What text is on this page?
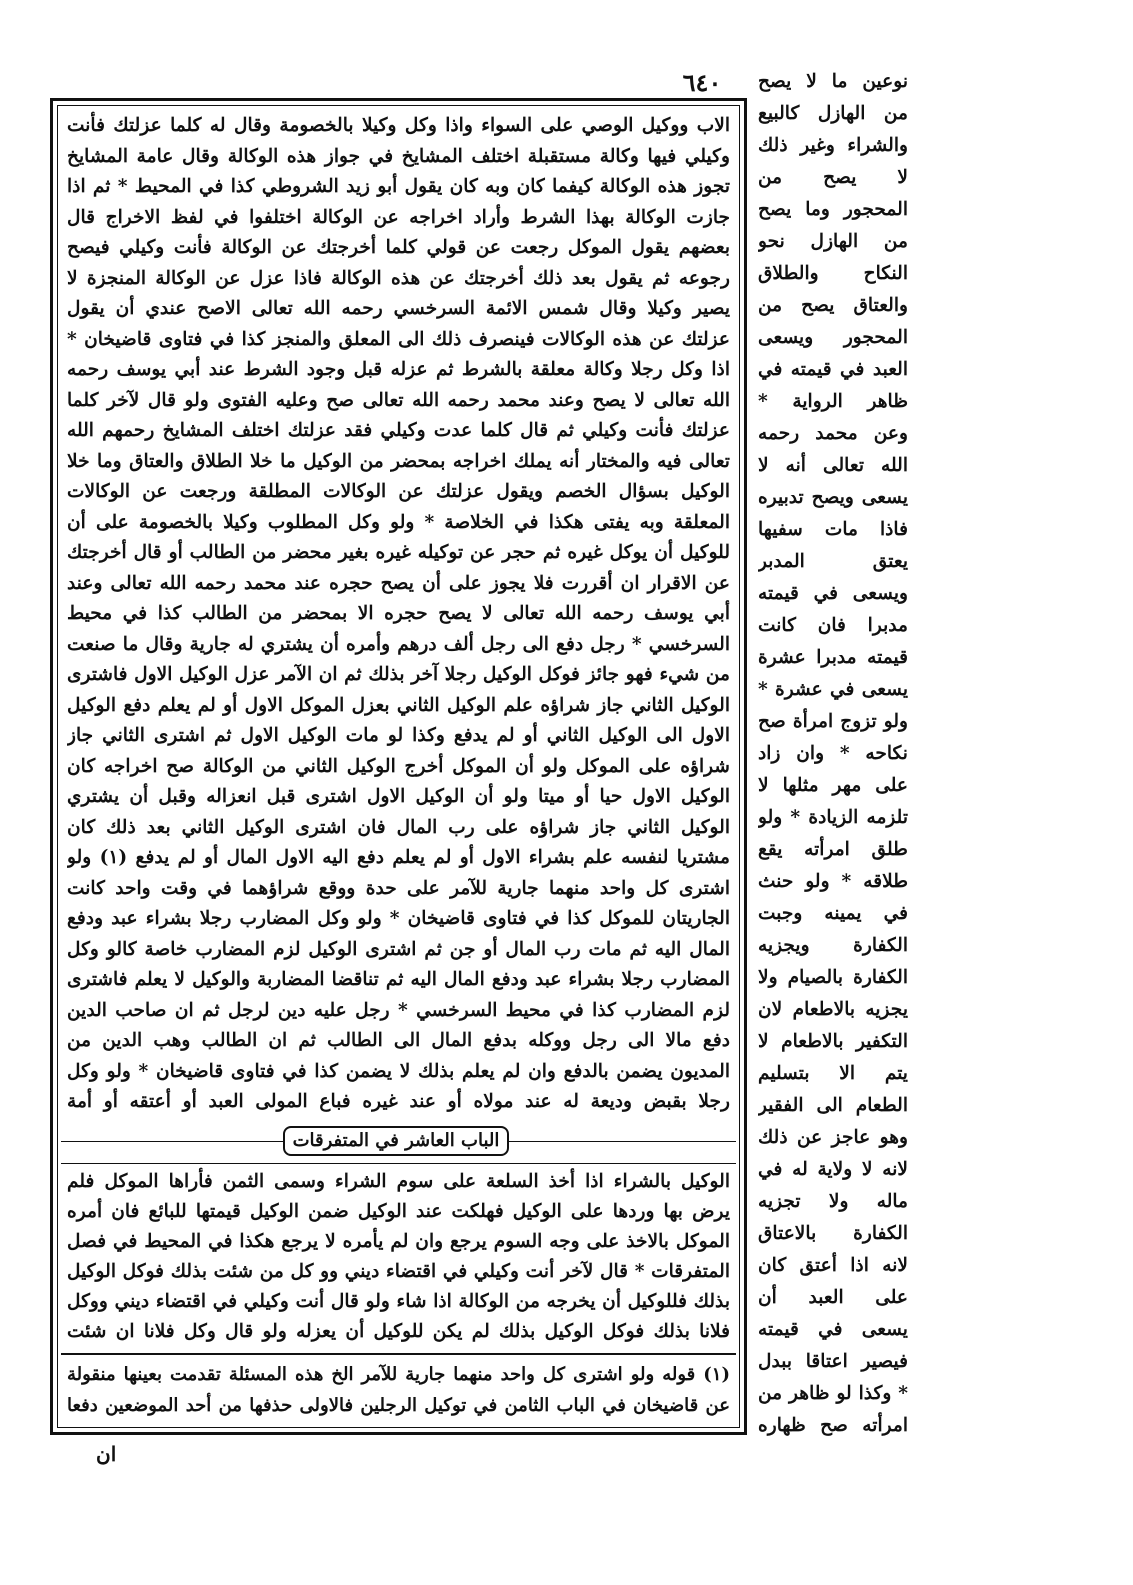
٦٤٠
الاب ووكيل الوصي على السواء واذا وكل وكيلا بالخصومة وقال له كلما عزلتك فأنت وكيلي فيها وكالة مستقبلة اختلف المشايخ في جواز هذه الوكالة وقال عامة المشايخ تجوز هذه الوكالة كيفما كان وبه كان يقول أبو زيد الشروطي كذا في المحيط * ثم اذا جازت الوكالة بهذا الشرط وأراد اخراجه عن الوكالة اختلفوا في لفظ الاخراج قال بعضهم يقول الموكل رجعت عن قولي كلما أخرجتك عن الوكالة فأنت وكيلي فيصح رجوعه ثم يقول بعد ذلك أخرجتك عن هذه الوكالة فاذا عزل عن الوكالة المنجزة لا يصير وكيلا وقال شمس الائمة السرخسي رحمه الله تعالى الاصح عندي أن يقول عزلتك عن هذه الوكالات فينصرف ذلك الى المعلق والمنجز كذا في فتاوى قاضيخان * اذا وكل رجلا وكالة معلقة بالشرط ثم عزله قبل وجود الشرط عند أبي يوسف رحمه الله تعالى لا يصح وعند محمد رحمه الله تعالى صح وعليه الفتوى ولو قال لآخر كلما عزلتك فأنت وكيلي ثم قال كلما عدت وكيلي فقد عزلتك اختلف المشايخ رحمهم الله تعالى فيه والمختار أنه يملك اخراجه بمحضر من الوكيل ما خلا الطلاق والعتاق وما خلا الوكيل بسؤال الخصم ويقول عزلتك عن الوكالات المطلقة ورجعت عن الوكالات المعلقة وبه يفتى هكذا في الخلاصة * ولو وكل المطلوب وكيلا بالخصومة على أن للوكيل أن يوكل غيره ثم حجر عن توكيله غيره بغير محضر من الطالب أو قال أخرجتك عن الاقرار ان أقررت فلا يجوز على أن يصح حجره عند محمد رحمه الله تعالى وعند أبي يوسف رحمه الله تعالى لا يصح حجره الا بمحضر من الطالب كذا في محيط السرخسي * رجل دفع الى رجل ألف درهم وأمره أن يشتري له جارية وقال ما صنعت من شيء فهو جائز فوكل الوكيل رجلا آخر بذلك ثم ان الآمر عزل الوكيل الاول فاشترى الوكيل الثاني جاز شراؤه علم الوكيل الثاني بعزل الموكل الاول أو لم يعلم دفع الوكيل الاول الى الوكيل الثاني أو لم يدفع وكذا لو مات الوكيل الاول ثم اشترى الثاني جاز شراؤه على الموكل ولو أن الموكل أخرج الوكيل الثاني من الوكالة صح اخراجه كان الوكيل الاول حيا أو ميتا ولو أن الوكيل الاول اشترى قبل انعزاله وقبل أن يشتري الوكيل الثاني جاز شراؤه على رب المال فان اشترى الوكيل الثاني بعد ذلك كان مشتريا لنفسه علم بشراء الاول أو لم يعلم دفع اليه الاول المال أو لم يدفع (١) ولو اشترى كل واحد منهما جارية للآمر على حدة ووقع شراؤهما في وقت واحد كانت الجاريتان للموكل كذا في فتاوى قاضيخان * ولو وكل المضارب رجلا بشراء عبد ودفع المال اليه ثم مات رب المال أو جن ثم اشترى الوكيل لزم المضارب خاصة كالو وكل المضارب رجلا بشراء عبد ودفع المال اليه ثم تناقضا المضاربة والوكيل لا يعلم فاشترى لزم المضارب كذا في محيط السرخسي * رجل عليه دين لرجل ثم ان صاحب الدين دفع مالا الى رجل ووكله بدفع المال الى الطالب ثم ان الطالب وهب الدين من المديون يضمن بالدفع وان لم يعلم بذلك لا يضمن كذا في فتاوى قاضيخان * ولو وكل رجلا بقبض وديعة له عند مولاه أو عند غيره فباع المولى العبد أو أعتقه أو أمة
الباب العاشر في المتفرقات
الوكيل بالشراء اذا أخذ السلعة على سوم الشراء وسمى الثمن فأراها الموكل فلم يرض بها وردها على الوكيل فهلكت عند الوكيل ضمن الوكيل قيمتها للبائع فان أمره الموكل بالاخذ على وجه السوم يرجع وان لم يأمره لا يرجع هكذا في المحيط في فصل المتفرقات * قال لآخر أنت وكيلي في اقتضاء ديني وو كل من شئت بذلك فوكل الوكيل بذلك فللوكيل أن يخرجه من الوكالة اذا شاء ولو قال أنت وكيلي في اقتضاء ديني ووكل فلانا بذلك فوكل الوكيل بذلك لم يكن للوكيل أن يعزله ولو قال وكل فلانا ان شئت
(١) قوله ولو اشترى كل واحد منهما جارية للآمر الخ هذه المسئلة تقدمت بعينها منقولة عن قاضيخان في الباب الثامن في توكيل الرجلين فالاولى حذفها من أحد الموضعين دفعا
نوعين ما لا يصح من الهازل كالبيع والشراء وغير ذلك لا يصح من المحجور وما يصح من الهازل نحو النكاح والطلاق والعتاق يصح من المحجور ويسعى العبد في قيمته في ظاهر الرواية * وعن محمد رحمه الله تعالى أنه لا يسعى ويصح تدبيره فاذا مات سفيها يعتق المدبر ويسعى في قيمته مدبرا فان كانت قيمته مدبرا عشرة يسعى في عشرة * ولو تزوج امرأة صح نكاحه * وان زاد على مهر مثلها لا تلزمه الزيادة * ولو طلق امرأته يقع طلاقه * ولو حنث في يمينه وجبت الكفارة ويجزيه الكفارة بالصيام ولا يجزيه بالاطعام لان التكفير بالاطعام لا يتم الا بتسليم الطعام الى الفقير وهو عاجز عن ذلك لانه لا ولاية له في ماله ولا تجزيه الكفارة بالاعتاق لانه اذا أعتق كان على العبد أن يسعى في قيمته فيصير اعتاقا ببدل * وكذا لو ظاهر من امرأته صح ظهاره
ان
